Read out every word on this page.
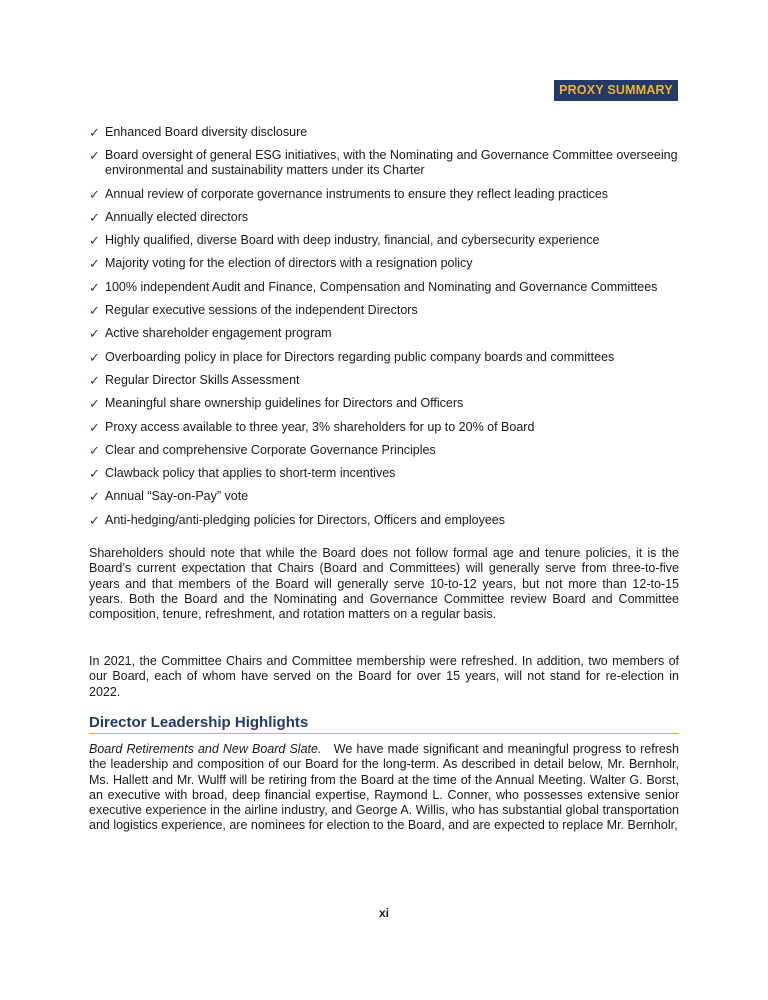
PROXY SUMMARY
✓ Enhanced Board diversity disclosure
✓ Board oversight of general ESG initiatives, with the Nominating and Governance Committee overseeing environmental and sustainability matters under its Charter
✓ Annual review of corporate governance instruments to ensure they reflect leading practices
✓ Annually elected directors
✓ Highly qualified, diverse Board with deep industry, financial, and cybersecurity experience
✓ Majority voting for the election of directors with a resignation policy
✓ 100% independent Audit and Finance, Compensation and Nominating and Governance Committees
✓ Regular executive sessions of the independent Directors
✓ Active shareholder engagement program
✓ Overboarding policy in place for Directors regarding public company boards and committees
✓ Regular Director Skills Assessment
✓ Meaningful share ownership guidelines for Directors and Officers
✓ Proxy access available to three year, 3% shareholders for up to 20% of Board
✓ Clear and comprehensive Corporate Governance Principles
✓ Clawback policy that applies to short-term incentives
✓ Annual “Say-on-Pay” vote
✓ Anti-hedging/anti-pledging policies for Directors, Officers and employees

Shareholders should note that while the Board does not follow formal age and tenure policies, it is the Board’s current expectation that Chairs (Board and Committees) will generally serve from three-to-five years and that members of the Board will generally serve 10-to-12 years, but not more than 12-to-15 years. Both the Board and the Nominating and Governance Committee review Board and Committee composition, tenure, refreshment, and rotation matters on a regular basis.

In 2021, the Committee Chairs and Committee membership were refreshed. In addition, two members of our Board, each of whom have served on the Board for over 15 years, will not stand for re-election in 2022.

Director Leadership Highlights

Board Retirements and New Board Slate. We have made significant and meaningful progress to refresh the leadership and composition of our Board for the long-term. As described in detail below, Mr. Bernholr, Ms. Hallett and Mr. Wulff will be retiring from the Board at the time of the Annual Meeting. Walter G. Borst, an executive with broad, deep financial expertise, Raymond L. Conner, who possesses extensive senior executive experience in the airline industry, and George A. Willis, who has substantial global transportation and logistics experience, are nominees for election to the Board, and are expected to replace Mr. Bernholr,

xi
